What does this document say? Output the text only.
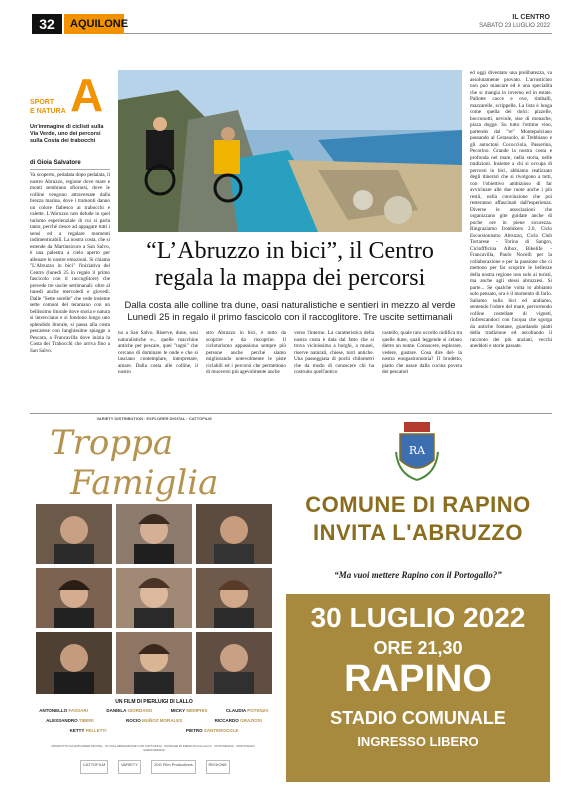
32	AQUILONE
IL CENTRO
SABATO 23 LUGLIO 2022
SPORT
E NATURA A
Un'immagine di ciclisti sulla Via Verde, uno dei percorsi sulla Costa dei trabocchi
di Gioia Salvatore
Va scoperto, pedalata dopo pedalata, il nostro Abruzzo, regione dove mare e monti sembrano sfiorarsi, dove le colline vengono attraversate dalla brezza marina, dove i tramonti danno un colore fiabesco ai trabocchi e calette. L'Abruzzo non delude in quel turismo esperienziale di cui si parla tanto, perché riesce ad appagare tutti i sensi ed a regalare momenti indimenticabili. La nostra costa, che si estende da Martinsicuro a San Salvo, è una palestra a cielo aperto per allenare le nostre emozioni. Si chiama "L'Abruzzo in bici" l'iniziativa del Centro (lunedì 25 in regalo il primo fascicolo con il raccoglitore) che prevede tre uscite settimanali: oltre al lunedì anche mercoledì e giovedì. Dalle "Sette sorelle" che vede insieme sette comuni del teramano con un bellissimo litorale dove storia e natura si intrecciano e si fondono lungo uno splendido litorale, si passa alla costa pescarese con lunghissime spiagge a Pescara, a Francavilla dove inizia la Costa dei Trabocchi che arriva fino a San Salvo.
“L’Abruzzo in bici”, il Centro regala la mappa dei percorsi
Dalla costa alle colline tra dune, oasi naturalistiche e sentieri in mezzo al verde Lunedì 25 in regalo il primo fascicolo con il raccoglitore. Tre uscite settimanali
no a San Salvo. Riserve, dune, oasi naturalistiche e... quelle macchine antiche per pescare, quei "ragni" che cercano di dominare le onde e che si lasciano contemplare, interpretare, amare. Dalla costa alle colline, il nostro
stro Abruzzo in bici, è tutto da scoprire e da riscoprire. Il cicloturismo appassiona sempre più persone anche perché siamo migliorando notevolmente le piste ciclabili ed i percorsi che permettono di muoversi più agevolmente anche
verso l'interno. La caratteristica della nostra costa è data dal fatto che si trova vicinissima a borghi, a musei, riserve naturali, chiese, torri antiche. Una passeggiata di pochi chilometri che da modo di conoscere chi ha costruito quell'antico
castello, quale raro uccello nidifica tra quelle dune, quali leggende si celano dietro un nome. Conoscere, esplorare, vedere, gustare. Cosa dire del- la nostra enogastronomia? Il brodetto, piatto che nasce dalla cucina povera dei pescatori
ed oggi diventato una prelibatezza, va assolutamente provato. L'arrosticino non può mancare ed è una specialità che si mangia in inverno ed in estate. Pallotte cacce e ove, timballi, mazzarelle, scrippelle. La lista è lunga come quella dei dolci: pizzelle, bocconotti, neviole, sise di monache, pizza dogge. Su tutto l'ottimo vino, partendo dal "re" Montepulciano passando al Cerasuolo, al Trebbiano e gli autoctoni Cococciola, Passerina, Pecorino. Grande la nostra costa e profonda nel mare, nella storia, nelle tradizioni. Insieme a chi si occupa di percorsi in bici, abbiamo realizzato degli itinerari che si rivolgono a tutti, con l'obiettivo ambizioso di far avvicinare alle due ruote anche i più restii, nella convinzione che poi resteranno affascinati dall'esperienza. Diverse le associazioni che organizzano gite guidate anche di poche ore in piene sicurezza. Ringraziamo Ironbikers 2.0, Ciclo Escursionismo Abruzzo, Ciclo Club Tortarese - Torino di Sangro, Cicloffficina Albox, Bikelife - Francavilla, Paolo Nocelli per la collaborazione e per la passione che ci mettono per far scoprire le bellezze della nostra regione non solo ai turisti, ma anche agli stessi abruzzesi. Si parte... Se qualche volta lo abbiamo solo pensato, ora è il momento di farlo. Saliamo sulla bici ed andiamo, sentendo l'odore del mare, percorrendo colline costellate di vigneti, rinfrescandoci con l'acqua che sgorga da antiche fontane, guardando piatti della tradizione ed ascoltando il racconto dei più anziani, vecchi aneddoti e storie passate.
VARIETY DISTRIBUTION · EXPLORER DIGITAL · CATTOFILM
Troppa
Famiglia
UN FILM DI PIERLUIGI DI LALLO
ANTONELLO FASSARI	DANIELA GIORDANO	MICKY MEMPHIS	CLAUDIA POTENZA
ALESSANDRO TIBERI	ROCIO MUÑOZ MORALES	RICCARDO GRAZIOSI
KETTY FELLETTI	PIETRO SANTEROCOLE
PRODOTTO DA EXPLORER DIGITAL · IN COLLABORAZIONE CON CATTOFILM · MUSICHE DI PIERLUIGI DI LALLO · FOTOGRAFIA · MONTAGGIO · SCENOGRAFIA
CATTOFILM	VARIETY	JOG Film Productions	REGIONE
RA
COMUNE DI RAPINO
INVITA L'ABRUZZO
“Ma vuoi mettere Rapino con il Portogallo?”
30 LUGLIO 2022
ORE 21,30
RAPINO
STADIO COMUNALE
INGRESSO LIBERO
